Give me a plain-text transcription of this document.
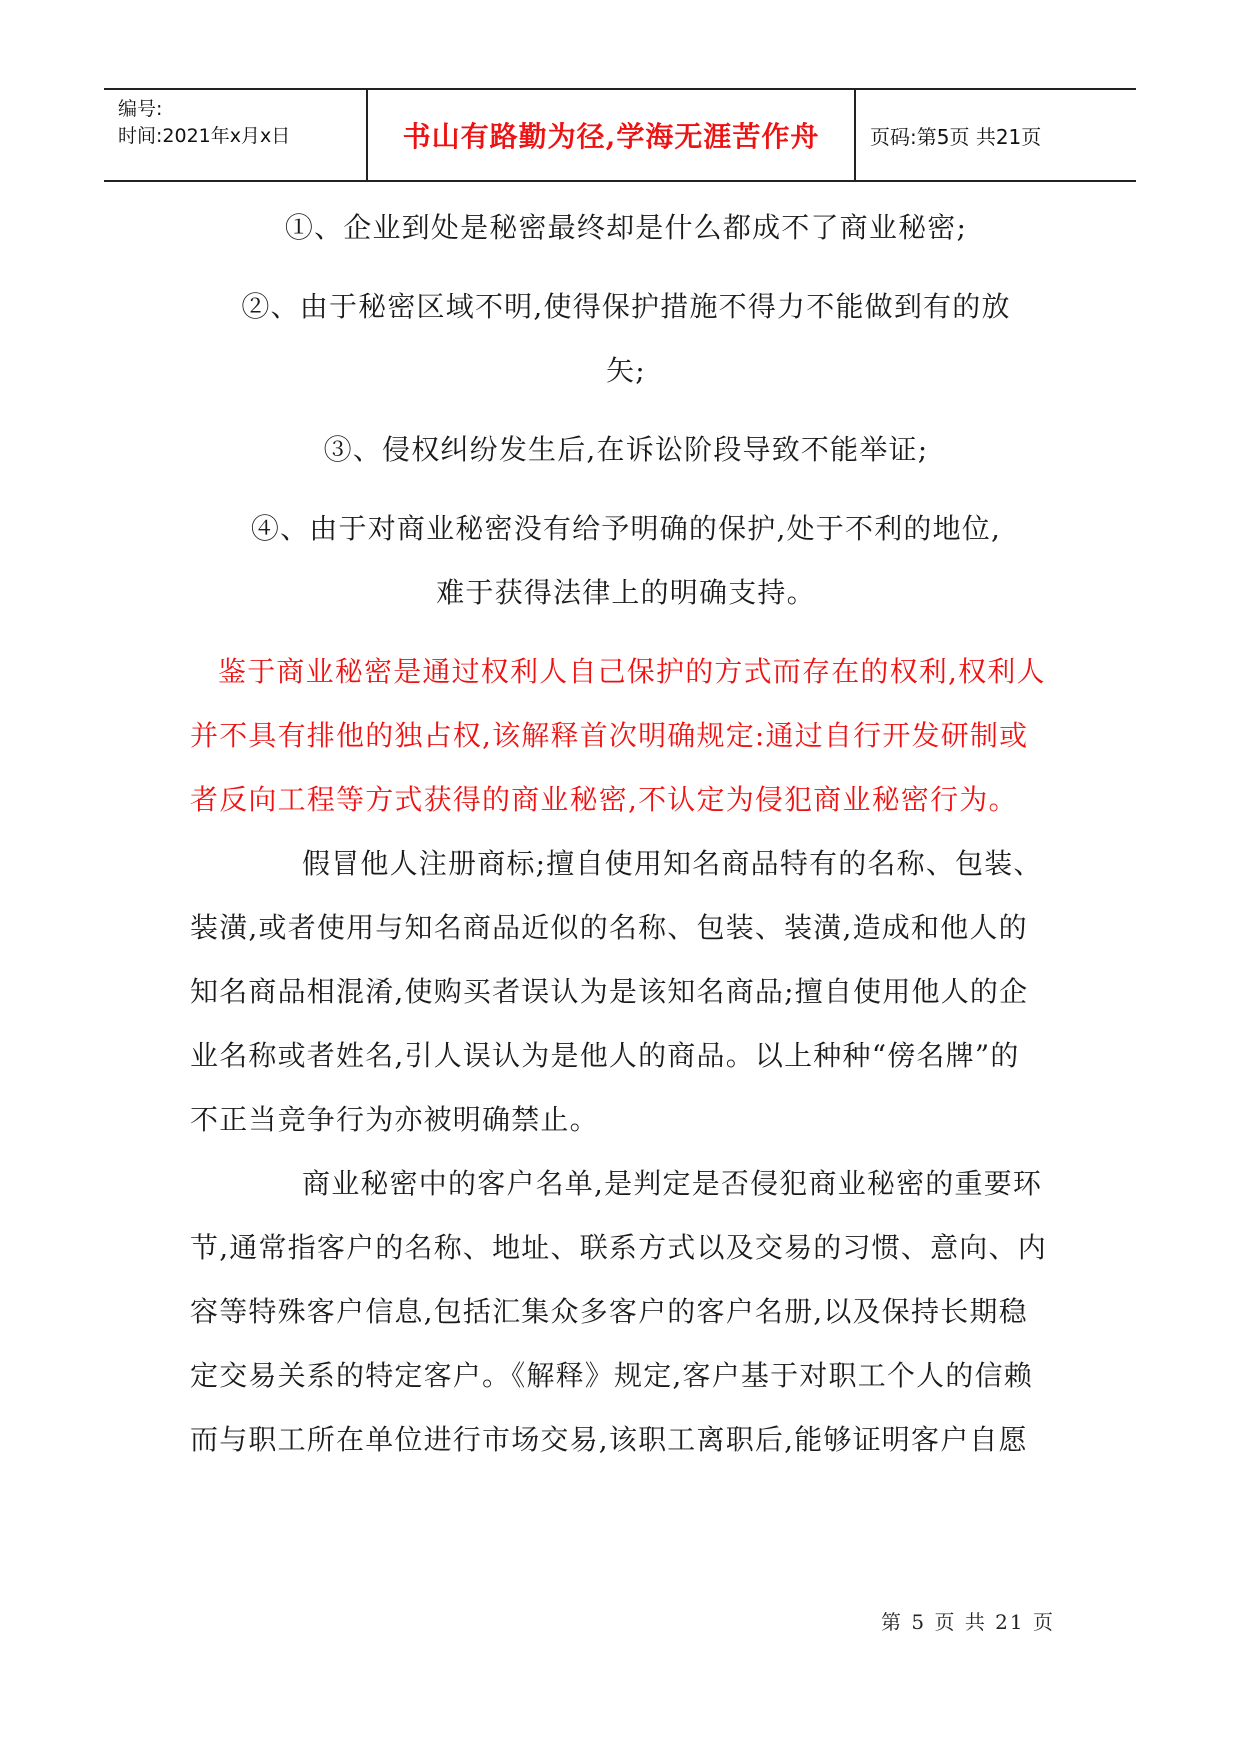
编号:
时间:2021年x月x日	书山有路勤为径,学海无涯苦作舟	页码:第5页 共21页
①、企业到处是秘密最终却是什么都成不了商业秘密;
②、由于秘密区域不明,使得保护措施不得力不能做到有的放
矢;
③、侵权纠纷发生后,在诉讼阶段导致不能举证;
④、由于对商业秘密没有给予明确的保护,处于不利的地位,
难于获得法律上的明确支持。
鉴于商业秘密是通过权利人自己保护的方式而存在的权利,权利人
并不具有排他的独占权,该解释首次明确规定:通过自行开发研制或
者反向工程等方式获得的商业秘密,不认定为侵犯商业秘密行为。
假冒他人注册商标;擅自使用知名商品特有的名称、包装、
装潢,或者使用与知名商品近似的名称、包装、装潢,造成和他人的
知名商品相混淆,使购买者误认为是该知名商品;擅自使用他人的企
业名称或者姓名,引人误认为是他人的商品。以上种种“傍名牌”的
不正当竞争行为亦被明确禁止。
商业秘密中的客户名单,是判定是否侵犯商业秘密的重要环
节,通常指客户的名称、地址、联系方式以及交易的习惯、意向、内
容等特殊客户信息,包括汇集众多客户的客户名册,以及保持长期稳
定交易关系的特定客户。《解释》规定,客户基于对职工个人的信赖
而与职工所在单位进行市场交易,该职工离职后,能够证明客户自愿
第 5 页 共 21 页
